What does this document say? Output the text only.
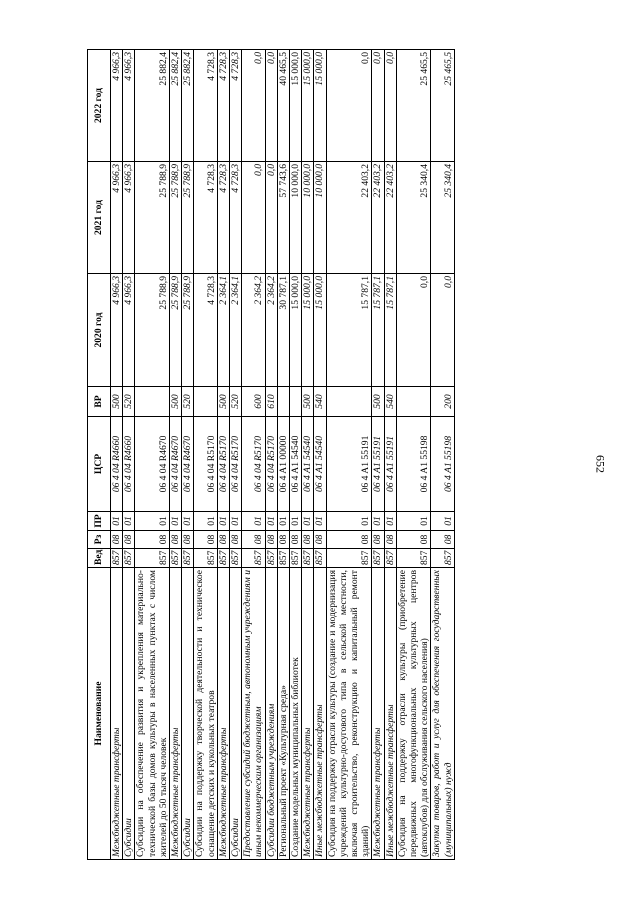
652
Наименование	Вед	Рз	ПР	ЦСР	ВР	2020 год	2021 год	2022 год
Межбюджетные трансферты	857	08	01	06 4 04 R4660	500	4 966,3	4 966,3	4 966,3
Субсидии	857	08	01	06 4 04 R4660	520	4 966,3	4 966,3	4 966,3
Субсидии на обеспечение развития и укрепления материально-технической базы домов культуры в населенных пунктах с числом жителей до 50 тысяч человек	857	08	01	06 4 04 R4670		25 788,9	25 788,9	25 882,4
Межбюджетные трансферты	857	08	01	06 4 04 R4670	500	25 788,9	25 788,9	25 882,4
Субсидии	857	08	01	06 4 04 R4670	520	25 788,9	25 788,9	25 882,4
Субсидии на поддержку творческой деятельности и техническое оснащение детских и кукольных театров	857	08	01	06 4 04 R5170		4 728,3	4 728,3	4 728,3
Межбюджетные трансферты	857	08	01	06 4 04 R5170	500	2 364,1	4 728,3	4 728,3
Субсидии	857	08	01	06 4 04 R5170	520	2 364,1	4 728,3	4 728,3
Предоставление субсидий бюджетным, автономным учреждениям и иным некоммерческим организациям	857	08	01	06 4 04 R5170	600	2 364,2	0,0	0,0
Субсидии бюджетным учреждениям	857	08	01	06 4 04 R5170	610	2 364,2	0,0	0,0
Региональный проект «Культурная среда»	857	08	01	06 4 A1 00000		30 787,1	57 743,6	40 465,5
Создание модельных муниципальных библиотек	857	08	01	06 4 A1 54540		15 000,0	10 000,0	15 000,0
Межбюджетные трансферты	857	08	01	06 4 A1 54540	500	15 000,0	10 000,0	15 000,0
Иные межбюджетные трансферты	857	08	01	06 4 A1 54540	540	15 000,0	10 000,0	15 000,0
Субсидия на поддержку отрасли культуры (создание и модернизация учреждений культурно-досугового типа в сельской местности, включая строительство, реконструкцию и капитальный ремонт зданий)	857	08	01	06 4 A1 55191		15 787,1	22 403,2	0,0
Межбюджетные трансферты	857	08	01	06 4 A1 55191	500	15 787,1	22 403,2	0,0
Иные межбюджетные трансферты	857	08	01	06 4 A1 55191	540	15 787,1	22 403,2	0,0
Субсидия на поддержку отрасли культуры (приобретение передвижных многофункциональных культурных центров (автоклубов) для обслуживания сельского населения)	857	08	01	06 4 A1 55198		0,0	25 340,4	25 465,5
Закупка товаров, работ и услуг для обеспечения государственных (муниципальных) нужд	857	08	01	06 4 A1 55198	200	0,0	25 340,4	25 465,5
